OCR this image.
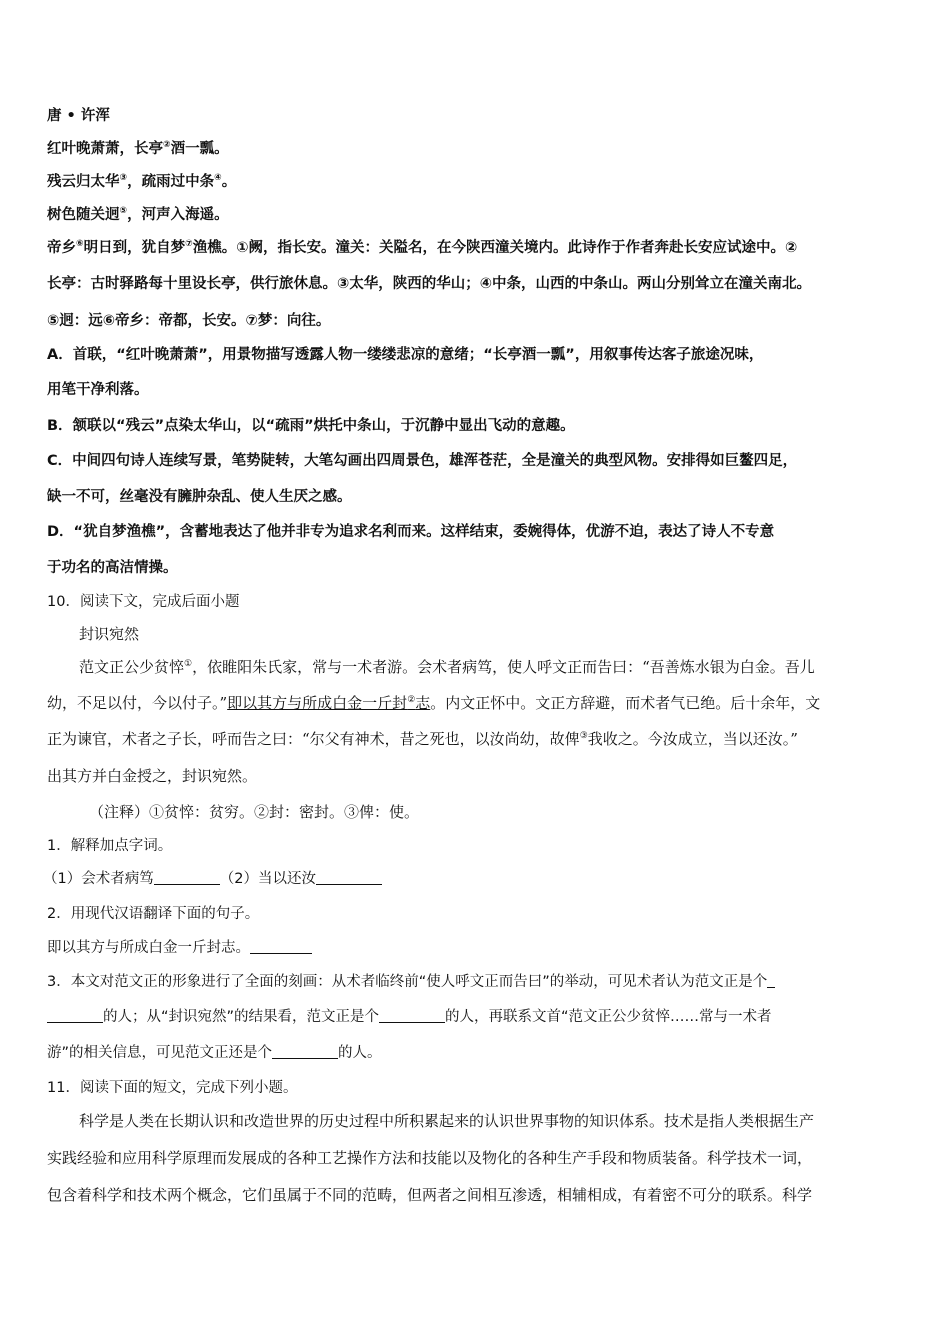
唐 • 许浑
红叶晚萧萧，长亭②酒一瓢。
残云归太华③，疏雨过中条④。
树色随关迥⑤，河声入海遥。
帝乡⑥明日到，犹自梦⑦渔樵。①阙，指长安。潼关：关隘名，在今陕西潼关境内。此诗作于作者奔赴长安应试途中。②
长亭：古时驿路每十里设长亭，供行旅休息。③太华，陕西的华山；④中条，山西的中条山。两山分别耸立在潼关南北。
⑤迥：远⑥帝乡：帝都，长安。⑦梦：向往。
A．首联，“红叶晚萧萧”，用景物描写透露人物一缕缕悲凉的意绪；“长亭酒一瓢”，用叙事传达客子旅途况味，
用笔干净利落。
B．颔联以“残云”点染太华山，以“疏雨”烘托中条山，于沉静中显出飞动的意趣。
C．中间四句诗人连续写景，笔势陡转，大笔勾画出四周景色，雄浑苍茫，全是潼关的典型风物。安排得如巨鳌四足，
缺一不可，丝毫没有臃肿杂乱、使人生厌之感。
D．“犹自梦渔樵”，含蓄地表达了他并非专为追求名利而来。这样结束，委婉得体，优游不迫，表达了诗人不专意
于功名的高洁情操。
10．阅读下文，完成后面小题
封识宛然
范文正公少贫悴①，依睢阳朱氏家，常与一术者游。会术者病笃，使人呼文正而告曰：“吾善炼水银为白金。吾儿
幼，不足以付，今以付子。”即以其方与所成白金一斤封②志。内文正怀中。文正方辞避，而术者气已绝。后十余年，文
正为谏官，术者之子长，呼而告之曰：“尔父有神术，昔之死也，以汝尚幼，故俾③我收之。今汝成立，当以还汝。”
出其方并白金授之，封识宛然。
（注释）①贫悴：贫穷。②封：密封。③俾：使。
1．解释加点字词。
（1）会术者病笃	（2）当以还汝
2．用现代汉语翻译下面的句子。
即以其方与所成白金一斤封志。
3．本文对范文正的形象进行了全面的刻画：从术者临终前“使人呼文正而告曰”的举动，可见术者认为范文正是个
的人；从“封识宛然”的结果看，范文正是个	的人，再联系文首“范文正公少贫悴……常与一术者
游”的相关信息，可见范文正还是个	的人。
11．阅读下面的短文，完成下列小题。
科学是人类在长期认识和改造世界的历史过程中所积累起来的认识世界事物的知识体系。技术是指人类根据生产
实践经验和应用科学原理而发展成的各种工艺操作方法和技能以及物化的各种生产手段和物质装备。科学技术一词，
包含着科学和技术两个概念，它们虽属于不同的范畴，但两者之间相互渗透，相辅相成，有着密不可分的联系。科学
